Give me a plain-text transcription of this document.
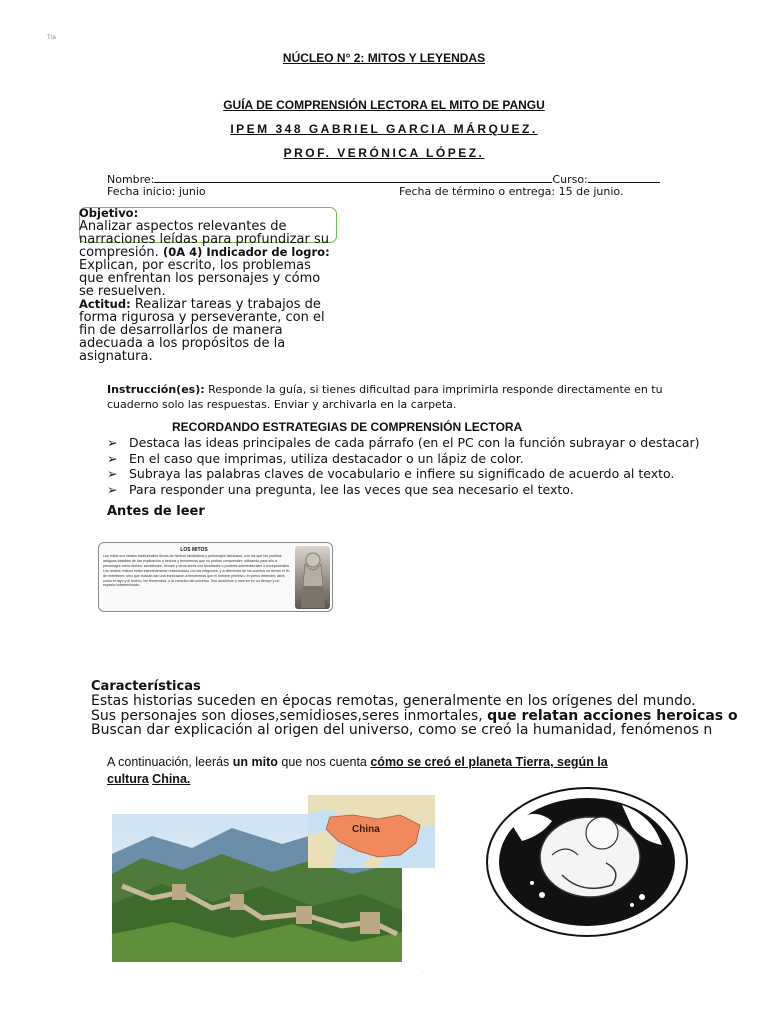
Tra
NÚCLEO N° 2: MITOS Y LEYENDAS
GUÍA DE COMPRENSIÓN LECTORA EL MITO DE PANGU
IPEM 348 GABRIEL GARCIA MÁRQUEZ.
PROF. VERÓNICA LÓPEZ.
Nombre:	Curso:
Fecha inicio: junio	Fecha de término o entrega: 15 de junio.
Objetivo:
Analizar aspectos relevantes de narraciones leídas para profundizar su compresión. (0A 4) Indicador de logro:
Explican, por escrito, los problemas que enfrentan los personajes y cómo se resuelven.
Actitud: Realizar tareas y trabajos de forma rigurosa y perseverante, con el fin de desarrollarlos de manera adecuada a los propósitos de la asignatura.
Instrucción(es): Responde la guía, si tienes dificultad para imprimirla responde directamente en tu cuaderno solo las respuestas. Enviar y archivarla en la carpeta.
RECORDANDO ESTRATEGIAS DE COMPRENSIÓN LECTORA
➢ Destaca las ideas principales de cada párrafo (en el PC con la función subrayar o destacar)
➢ En el caso que imprimas, utiliza destacador o un lápiz de color.
➢ Subraya las palabras claves de vocabulario e infiere su significado de acuerdo al texto.
➢ Para responder una pregunta, lee las veces que sea necesario el texto.
Antes de leer
LOS MITOS
Los mitos son relatos tradicionales llenos de hechos fantásticos y personajes fabulosos, con los que los pueblos antiguos trataban de dar explicación a hechos y fenómenos que no podían comprender; utilizando para ello a personajes como dioses, semidioses, héroes y otros seres con facultades o poderes sobrenaturales o excepcionales. Los relatos míticos están estrechamente relacionados con las religiones, y a diferencia de los cuentos no tienen el fin de entretener, sino que buscan dar una explicación a fenómenos que el hombre primitivo, en pleno entender, tales como el rayo y el trueno, los terremotos, o la creación del universo. Son anónimos y ocurren en un tiempo y un espacio indeterminado.
Características
Estas historias suceden en épocas remotas, generalmente en los orígenes del mundo.
Sus personajes son dioses,semidioses,seres inmortales, que relatan acciones heroicas o
Buscan dar explicación al origen del universo, como se creó la humanidad, fenómenos n
A continuación, leerás un mito que nos cuenta cómo se creó el planeta Tierra, según la
cultura China.
China
·
